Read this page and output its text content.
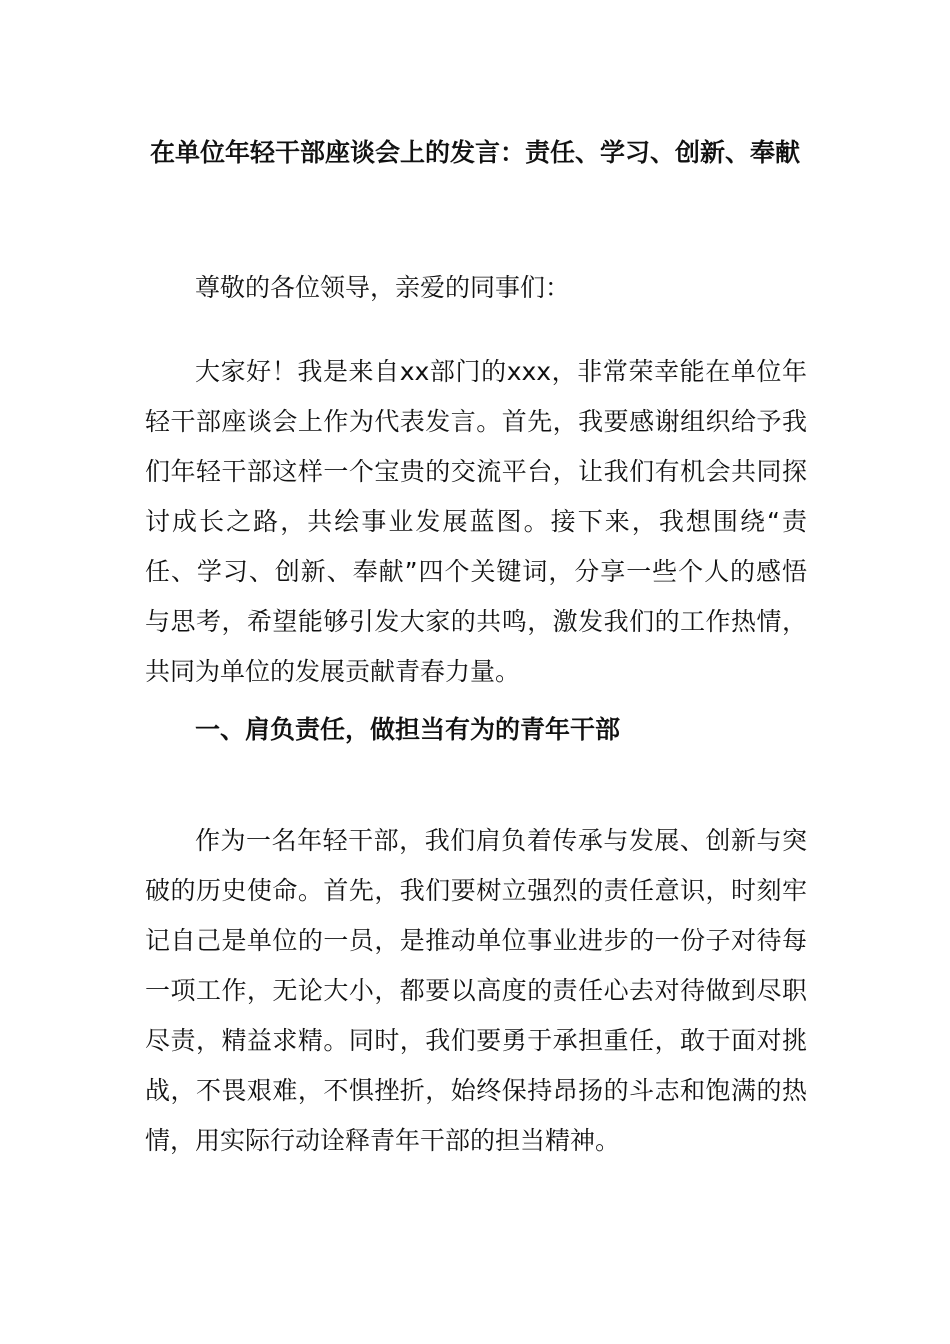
在单位年轻干部座谈会上的发言：责任、学习、创新、奉献

尊敬的各位领导，亲爱的同事们：

大家好！我是来自xx部门的xxx，非常荣幸能在单位年轻干部座谈会上作为代表发言。首先，我要感谢组织给予我们年轻干部这样一个宝贵的交流平台，让我们有机会共同探讨成长之路，共绘事业发展蓝图。接下来，我想围绕“责任、学习、创新、奉献”四个关键词，分享一些个人的感悟与思考，希望能够引发大家的共鸣，激发我们的工作热情，共同为单位的发展贡献青春力量。

一、肩负责任，做担当有为的青年干部

作为一名年轻干部，我们肩负着传承与发展、创新与突破的历史使命。首先，我们要树立强烈的责任意识，时刻牢记自己是单位的一员，是推动单位事业进步的一份子对待每一项工作，无论大小，都要以高度的责任心去对待做到尽职尽责，精益求精。同时，我们要勇于承担重任，敢于面对挑战，不畏艰难，不惧挫折，始终保持昂扬的斗志和饱满的热情，用实际行动诠释青年干部的担当精神。
